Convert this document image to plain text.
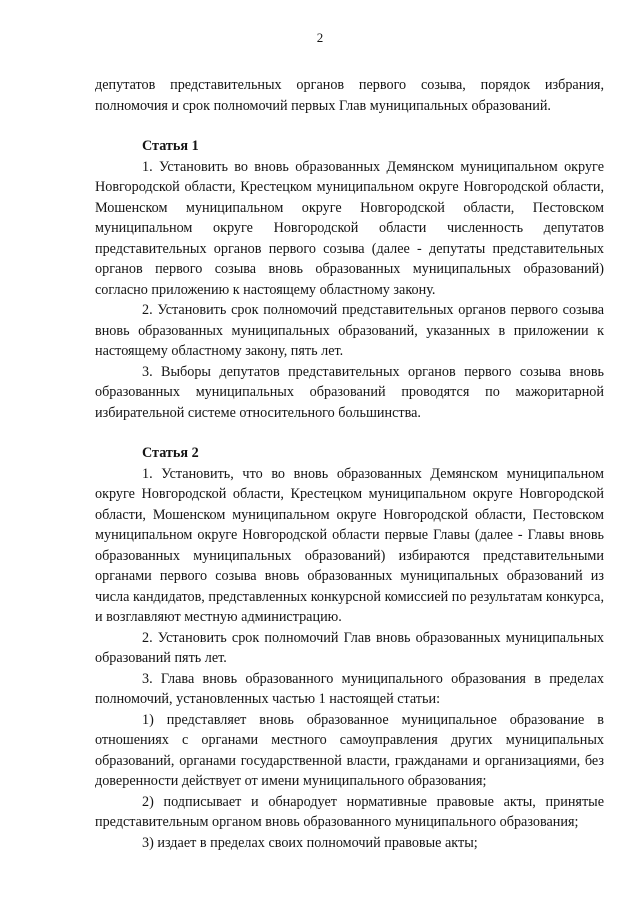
2

депутатов представительных органов первого созыва, порядок избрания, полномочия и срок полномочий первых Глав муниципальных образований.

Статья 1

1. Установить во вновь образованных Демянском муниципальном округе Новгородской области, Крестецком муниципальном округе Новгородской области, Мошенском муниципальном округе Новгородской области, Пестовском муниципальном округе Новгородской области численность депутатов представительных органов первого созыва (далее - депутаты представительных органов первого созыва вновь образованных муниципальных образований) согласно приложению к настоящему областному закону.

2. Установить срок полномочий представительных органов первого созыва вновь образованных муниципальных образований, указанных в приложении к настоящему областному закону, пять лет.

3. Выборы депутатов представительных органов первого созыва вновь образованных муниципальных образований проводятся по мажоритарной избирательной системе относительного большинства.

Статья 2

1. Установить, что во вновь образованных Демянском муниципальном округе Новгородской области, Крестецком муниципальном округе Новгородской области, Мошенском муниципальном округе Новгородской области, Пестовском муниципальном округе Новгородской области первые Главы (далее - Главы вновь образованных муниципальных образований) избираются представительными органами первого созыва вновь образованных муниципальных образований из числа кандидатов, представленных конкурсной комиссией по результатам конкурса, и возглавляют местную администрацию.

2. Установить срок полномочий Глав вновь образованных муниципальных образований пять лет.

3. Глава вновь образованного муниципального образования в пределах полномочий, установленных частью 1 настоящей статьи:

1) представляет вновь образованное муниципальное образование в отношениях с органами местного самоуправления других муниципальных образований, органами государственной власти, гражданами и организациями, без доверенности действует от имени муниципального образования;

2) подписывает и обнародует нормативные правовые акты, принятые представительным органом вновь образованного муниципального образования;

3) издает в пределах своих полномочий правовые акты;
